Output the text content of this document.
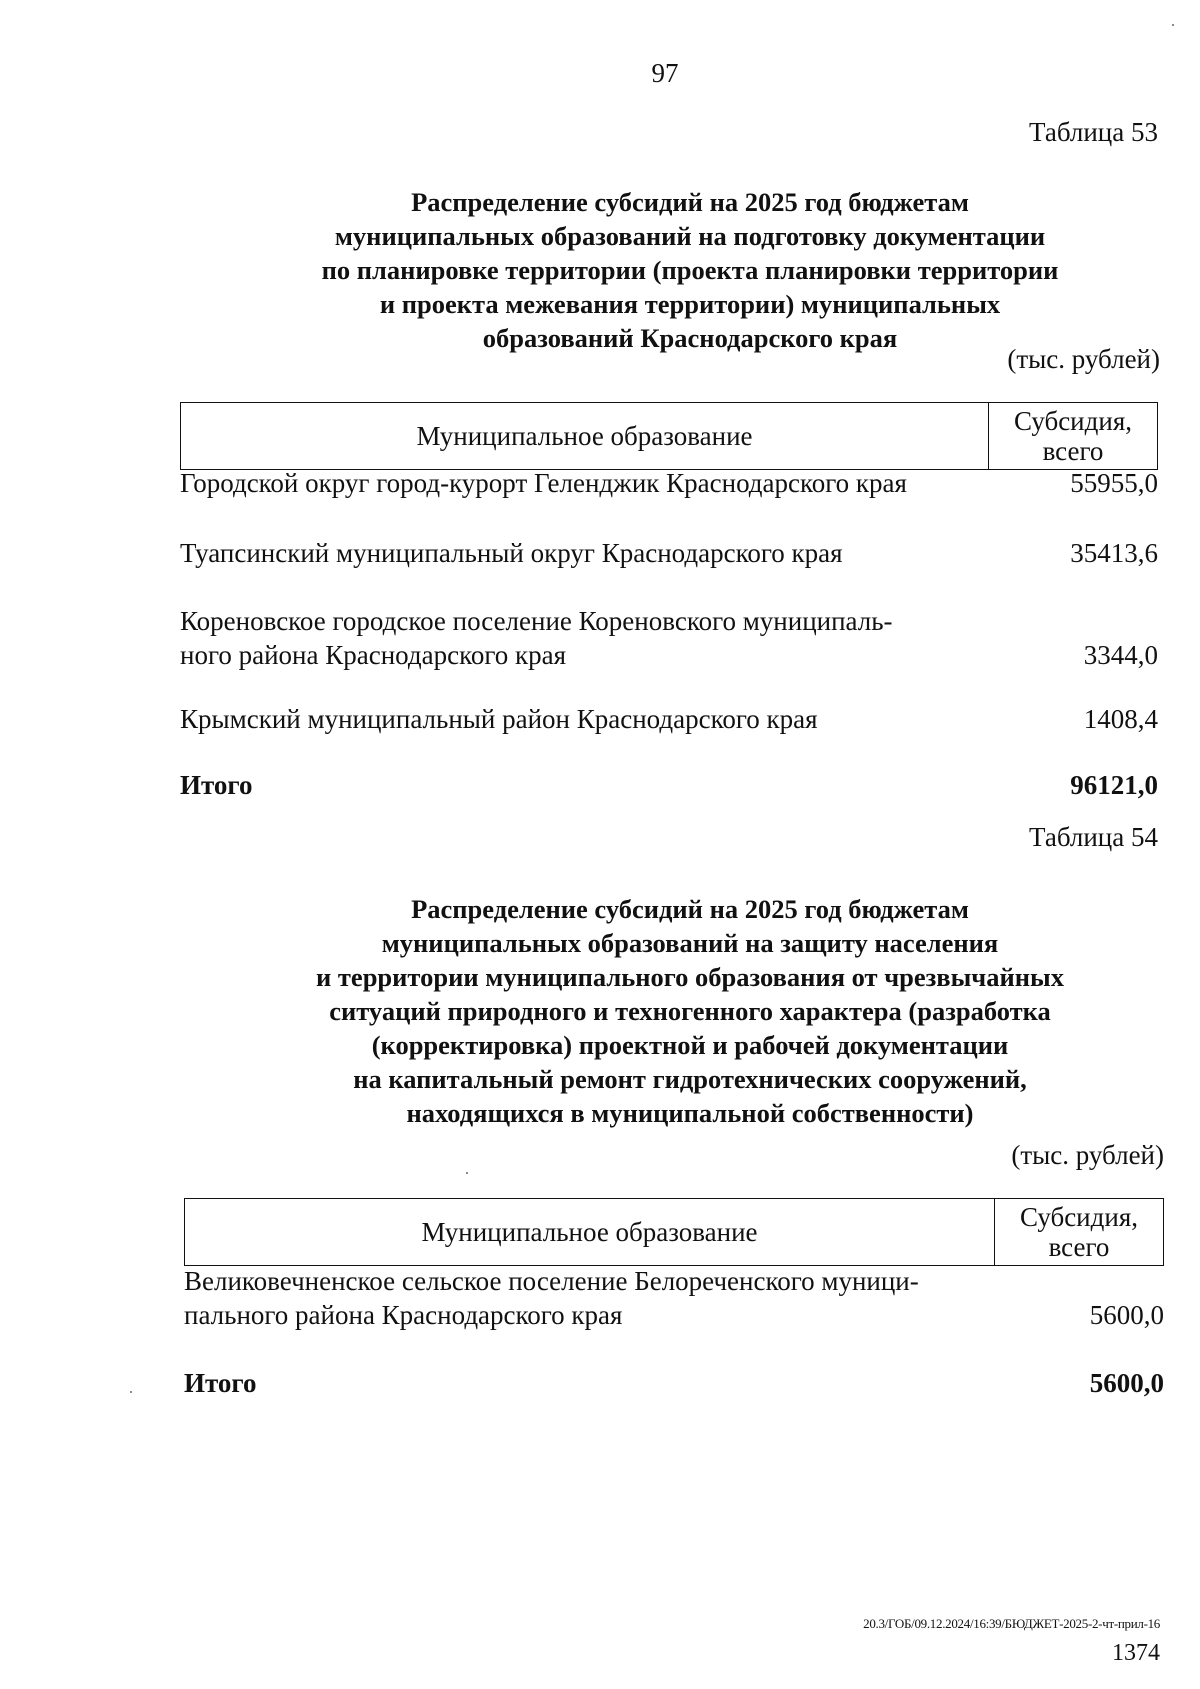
97
Таблица 53
Распределение субсидий на 2025 год бюджетам
муниципальных образований на подготовку документации
по планировке территории (проекта планировки территории
и проекта межевания территории) муниципальных
образований Краснодарского края
(тыс. рублей)
Муниципальное образование	Субсидия,
всего
Городской округ город-курорт Геленджик Краснодарского края	55955,0
Туапсинский муниципальный округ Краснодарского края	35413,6
Кореновское городское поселение Кореновского муниципаль-
ного района Краснодарского края	3344,0
Крымский муниципальный район Краснодарского края	1408,4
Итого	96121,0
Таблица 54
Распределение субсидий на 2025 год бюджетам
муниципальных образований на защиту населения
и территории муниципального образования от чрезвычайных
ситуаций природного и техногенного характера (разработка
(корректировка) проектной и рабочей документации
на капитальный ремонт гидротехнических сооружений,
находящихся в муниципальной собственности)
(тыс. рублей)
Муниципальное образование	Субсидия,
всего
Великовечненское сельское поселение Белореченского муници-
пального района Краснодарского края	5600,0
Итого	5600,0
20.3/ГОБ/09.12.2024/16:39/БЮДЖЕТ-2025-2-чт-прил-16
1374
